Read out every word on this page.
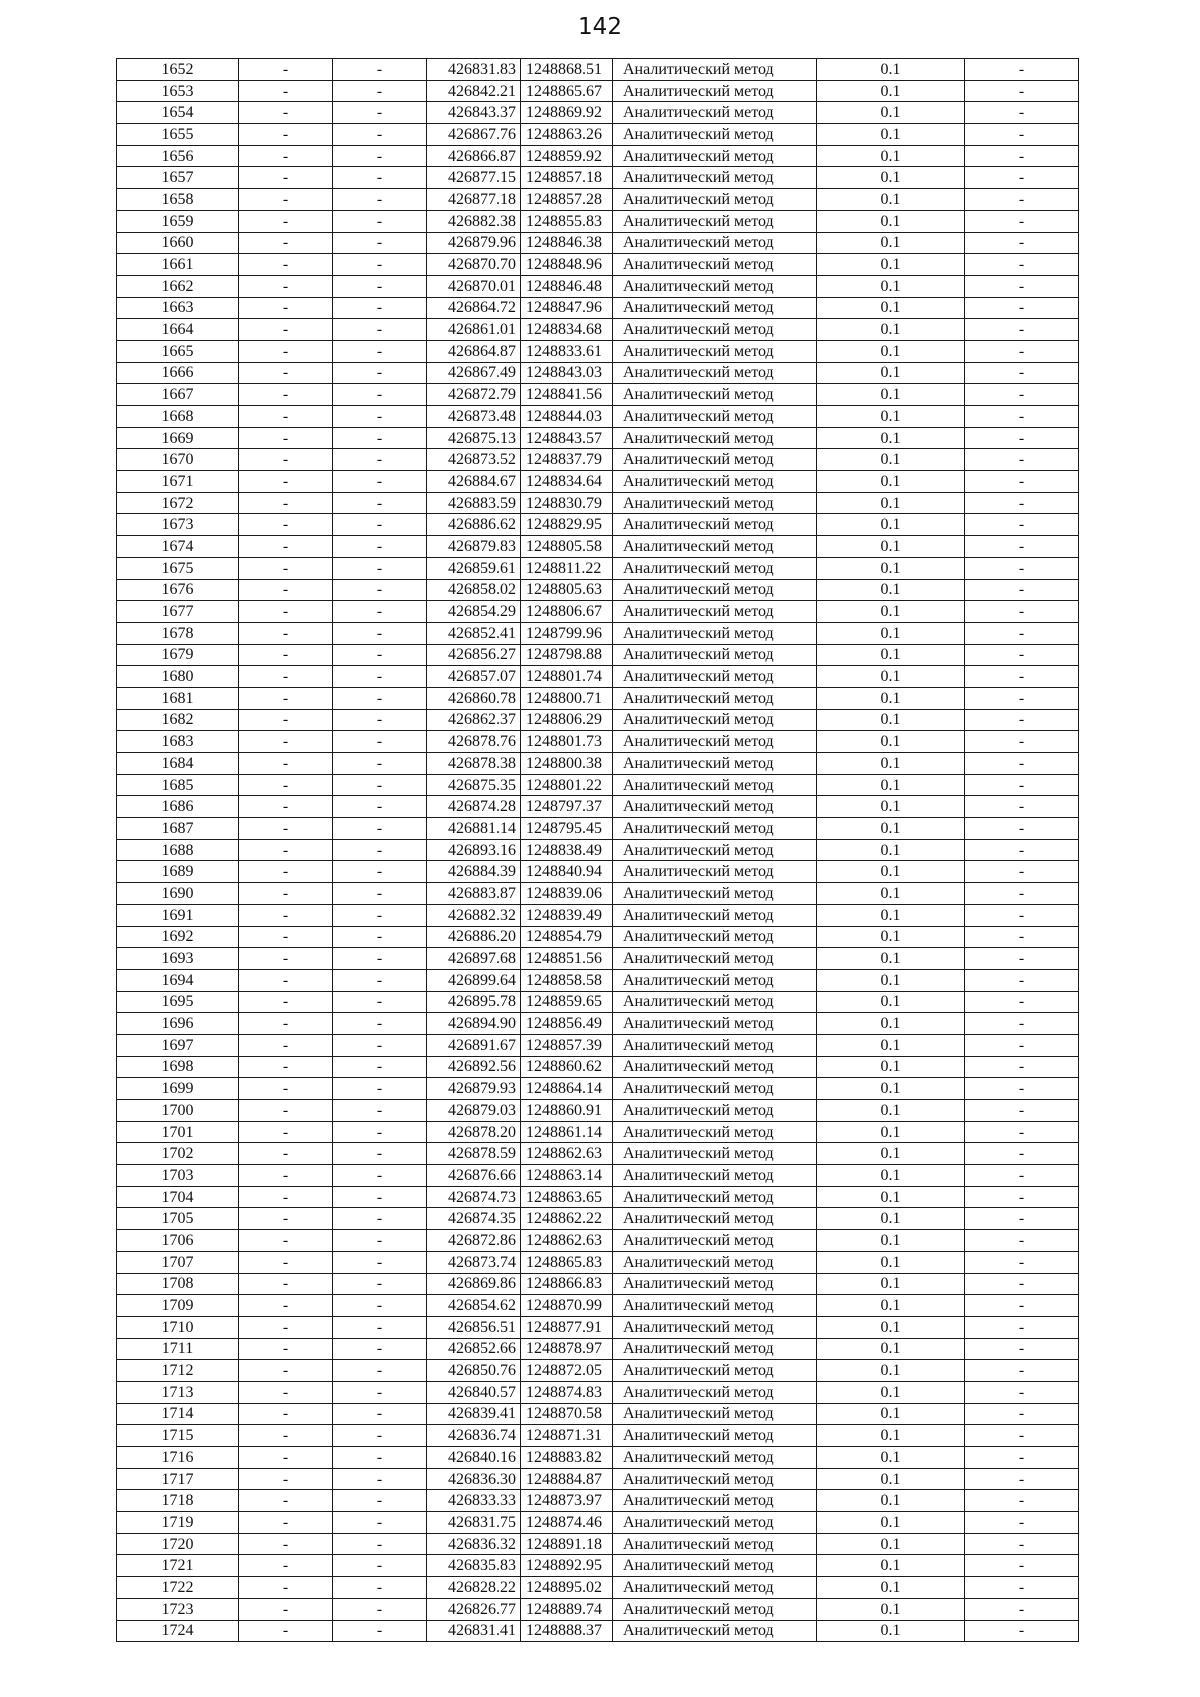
142
1652	-	-	426831.83	1248868.51	Аналитический метод	0.1	-
1653	-	-	426842.21	1248865.67	Аналитический метод	0.1	-
1654	-	-	426843.37	1248869.92	Аналитический метод	0.1	-
1655	-	-	426867.76	1248863.26	Аналитический метод	0.1	-
1656	-	-	426866.87	1248859.92	Аналитический метод	0.1	-
1657	-	-	426877.15	1248857.18	Аналитический метод	0.1	-
1658	-	-	426877.18	1248857.28	Аналитический метод	0.1	-
1659	-	-	426882.38	1248855.83	Аналитический метод	0.1	-
1660	-	-	426879.96	1248846.38	Аналитический метод	0.1	-
1661	-	-	426870.70	1248848.96	Аналитический метод	0.1	-
1662	-	-	426870.01	1248846.48	Аналитический метод	0.1	-
1663	-	-	426864.72	1248847.96	Аналитический метод	0.1	-
1664	-	-	426861.01	1248834.68	Аналитический метод	0.1	-
1665	-	-	426864.87	1248833.61	Аналитический метод	0.1	-
1666	-	-	426867.49	1248843.03	Аналитический метод	0.1	-
1667	-	-	426872.79	1248841.56	Аналитический метод	0.1	-
1668	-	-	426873.48	1248844.03	Аналитический метод	0.1	-
1669	-	-	426875.13	1248843.57	Аналитический метод	0.1	-
1670	-	-	426873.52	1248837.79	Аналитический метод	0.1	-
1671	-	-	426884.67	1248834.64	Аналитический метод	0.1	-
1672	-	-	426883.59	1248830.79	Аналитический метод	0.1	-
1673	-	-	426886.62	1248829.95	Аналитический метод	0.1	-
1674	-	-	426879.83	1248805.58	Аналитический метод	0.1	-
1675	-	-	426859.61	1248811.22	Аналитический метод	0.1	-
1676	-	-	426858.02	1248805.63	Аналитический метод	0.1	-
1677	-	-	426854.29	1248806.67	Аналитический метод	0.1	-
1678	-	-	426852.41	1248799.96	Аналитический метод	0.1	-
1679	-	-	426856.27	1248798.88	Аналитический метод	0.1	-
1680	-	-	426857.07	1248801.74	Аналитический метод	0.1	-
1681	-	-	426860.78	1248800.71	Аналитический метод	0.1	-
1682	-	-	426862.37	1248806.29	Аналитический метод	0.1	-
1683	-	-	426878.76	1248801.73	Аналитический метод	0.1	-
1684	-	-	426878.38	1248800.38	Аналитический метод	0.1	-
1685	-	-	426875.35	1248801.22	Аналитический метод	0.1	-
1686	-	-	426874.28	1248797.37	Аналитический метод	0.1	-
1687	-	-	426881.14	1248795.45	Аналитический метод	0.1	-
1688	-	-	426893.16	1248838.49	Аналитический метод	0.1	-
1689	-	-	426884.39	1248840.94	Аналитический метод	0.1	-
1690	-	-	426883.87	1248839.06	Аналитический метод	0.1	-
1691	-	-	426882.32	1248839.49	Аналитический метод	0.1	-
1692	-	-	426886.20	1248854.79	Аналитический метод	0.1	-
1693	-	-	426897.68	1248851.56	Аналитический метод	0.1	-
1694	-	-	426899.64	1248858.58	Аналитический метод	0.1	-
1695	-	-	426895.78	1248859.65	Аналитический метод	0.1	-
1696	-	-	426894.90	1248856.49	Аналитический метод	0.1	-
1697	-	-	426891.67	1248857.39	Аналитический метод	0.1	-
1698	-	-	426892.56	1248860.62	Аналитический метод	0.1	-
1699	-	-	426879.93	1248864.14	Аналитический метод	0.1	-
1700	-	-	426879.03	1248860.91	Аналитический метод	0.1	-
1701	-	-	426878.20	1248861.14	Аналитический метод	0.1	-
1702	-	-	426878.59	1248862.63	Аналитический метод	0.1	-
1703	-	-	426876.66	1248863.14	Аналитический метод	0.1	-
1704	-	-	426874.73	1248863.65	Аналитический метод	0.1	-
1705	-	-	426874.35	1248862.22	Аналитический метод	0.1	-
1706	-	-	426872.86	1248862.63	Аналитический метод	0.1	-
1707	-	-	426873.74	1248865.83	Аналитический метод	0.1	-
1708	-	-	426869.86	1248866.83	Аналитический метод	0.1	-
1709	-	-	426854.62	1248870.99	Аналитический метод	0.1	-
1710	-	-	426856.51	1248877.91	Аналитический метод	0.1	-
1711	-	-	426852.66	1248878.97	Аналитический метод	0.1	-
1712	-	-	426850.76	1248872.05	Аналитический метод	0.1	-
1713	-	-	426840.57	1248874.83	Аналитический метод	0.1	-
1714	-	-	426839.41	1248870.58	Аналитический метод	0.1	-
1715	-	-	426836.74	1248871.31	Аналитический метод	0.1	-
1716	-	-	426840.16	1248883.82	Аналитический метод	0.1	-
1717	-	-	426836.30	1248884.87	Аналитический метод	0.1	-
1718	-	-	426833.33	1248873.97	Аналитический метод	0.1	-
1719	-	-	426831.75	1248874.46	Аналитический метод	0.1	-
1720	-	-	426836.32	1248891.18	Аналитический метод	0.1	-
1721	-	-	426835.83	1248892.95	Аналитический метод	0.1	-
1722	-	-	426828.22	1248895.02	Аналитический метод	0.1	-
1723	-	-	426826.77	1248889.74	Аналитический метод	0.1	-
1724	-	-	426831.41	1248888.37	Аналитический метод	0.1	-
